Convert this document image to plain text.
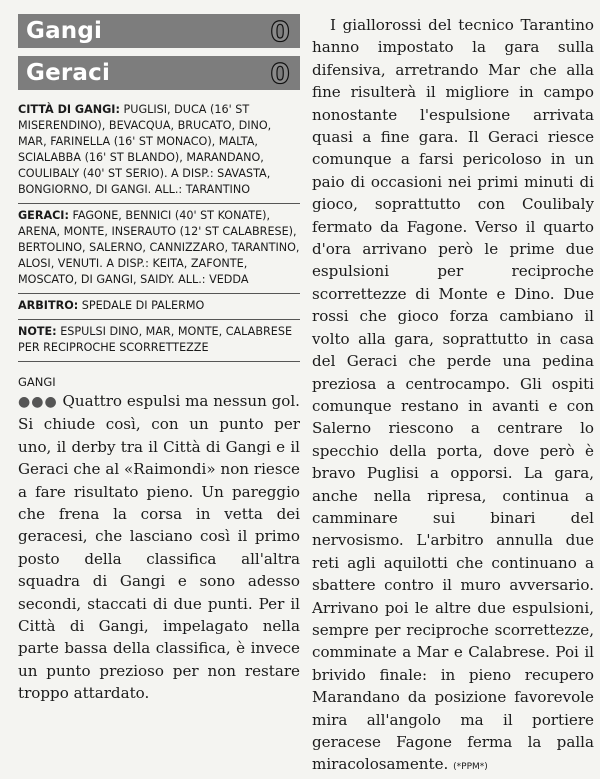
Gangi	0
Geraci	0
CITTÀ DI GANGI: PUGLISI, DUCA (16' ST MISERENDINO), BEVACQUA, BRUCATO, DINO, MAR, FARINELLA (16' ST MONACO), MALTA, SCIALABBA (16' ST BLANDO), MARANDANO, COULIBALY (40' ST SERIO). A DISP.: SAVASTA, BONGIORNO, DI GANGI. ALL.: TARANTINO
GERACI: FAGONE, BENNICI (40' ST KONATE), ARENA, MONTE, INSERAUTO (12' ST CALABRESE), BERTOLINO, SALERNO, CANNIZZARO, TARANTINO, ALOSI, VENUTI. A DISP.: KEITA, ZAFONTE, MOSCATO, DI GANGI, SAIDY. ALL.: VEDDA
ARBITRO: SPEDALE DI PALERMO
NOTE: ESPULSI DINO, MAR, MONTE, CALABRESE PER RECIPROCHE SCORRETTEZZE
GANGI
●●● Quattro espulsi ma nessun gol. Si chiude così, con un punto per uno, il derby tra il Città di Gangi e il Geraci che al «Raimondi» non riesce a fare risultato pieno. Un pareggio che frena la corsa in vetta dei geracesi, che lasciano così il primo posto della classifica all'altra squadra di Gangi e sono adesso secondi, staccati di due punti. Per il Città di Gangi, impelagato nella parte bassa della classifica, è invece un punto prezioso per non restare troppo attardato.
I giallorossi del tecnico Tarantino hanno impostato la gara sulla difensiva, arretrando Mar che alla fine risulterà il migliore in campo nonostante l'espulsione arrivata quasi a fine gara. Il Geraci riesce comunque a farsi pericoloso in un paio di occasioni nei primi minuti di gioco, soprattutto con Coulibaly fermato da Fagone. Verso il quarto d'ora arrivano però le prime due espulsioni per reciproche scorrettezze di Monte e Dino. Due rossi che gioco forza cambiano il volto alla gara, soprattutto in casa del Geraci che perde una pedina preziosa a centrocampo. Gli ospiti comunque restano in avanti e con Salerno riescono a centrare lo specchio della porta, dove però è bravo Puglisi a opporsi. La gara, anche nella ripresa, continua a camminare sui binari del nervosismo. L'arbitro annulla due reti agli aquilotti che continuano a sbattere contro il muro avversario. Arrivano poi le altre due espulsioni, sempre per reciproche scorrettezze, comminate a Mar e Calabrese. Poi il brivido finale: in pieno recupero Marandano da posizione favorevole mira all'angolo ma il portiere geracese Fagone ferma la palla miracolosamente. (*PPM*)
